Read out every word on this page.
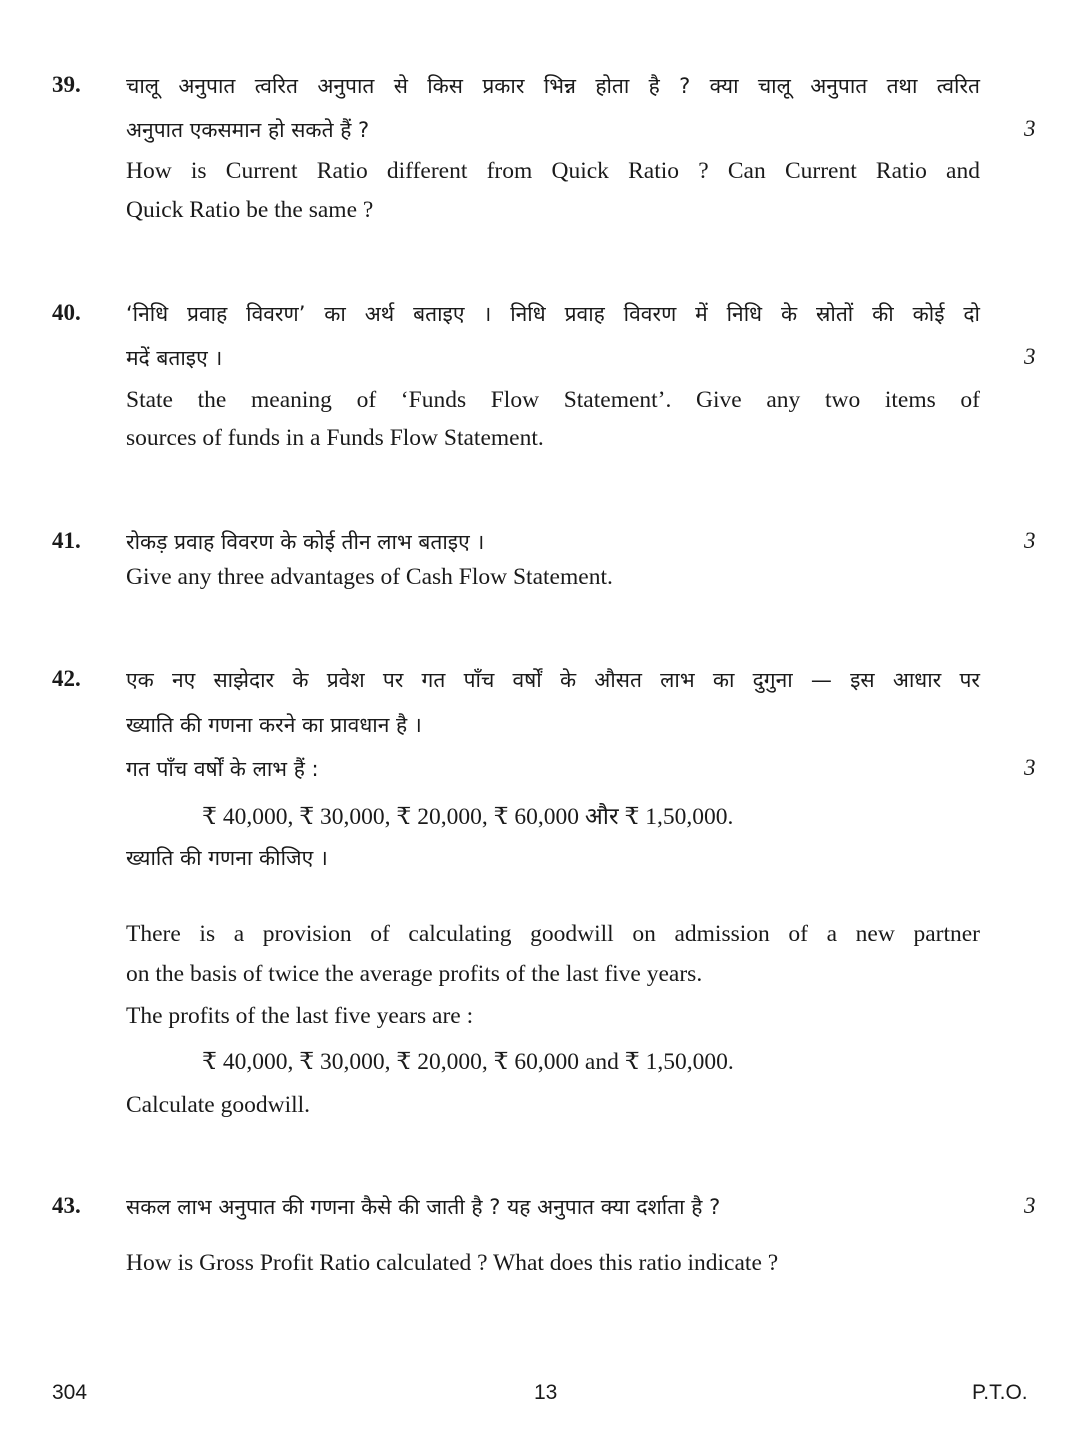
39. चालू अनुपात त्वरित अनुपात से किस प्रकार भिन्न होता है ? क्या चालू अनुपात तथा त्वरित

अनुपात एकसमान हो सकते हैं ?	3

How is Current Ratio different from Quick Ratio ? Can Current Ratio and

Quick Ratio be the same ?

40. ‘निधि प्रवाह विवरण’ का अर्थ बताइए । निधि प्रवाह विवरण में निधि के स्रोतों की कोई दो

मदें बताइए ।	3

State the meaning of ‘Funds Flow Statement’. Give any two items of

sources of funds in a Funds Flow Statement.

41. रोकड़ प्रवाह विवरण के कोई तीन लाभ बताइए ।	3

Give any three advantages of Cash Flow Statement.

42. एक नए साझेदार के प्रवेश पर गत पाँच वर्षों के औसत लाभ का दुगुना — इस आधार पर

ख्याति की गणना करने का प्रावधान है ।

गत पाँच वर्षों के लाभ हैं :	3

₹ 40,000, ₹ 30,000, ₹ 20,000, ₹ 60,000 और ₹ 1,50,000.

ख्याति की गणना कीजिए ।

There is a provision of calculating goodwill on admission of a new partner

on the basis of twice the average profits of the last five years.

The profits of the last five years are :

₹ 40,000, ₹ 30,000, ₹ 20,000, ₹ 60,000 and ₹ 1,50,000.

Calculate goodwill.

43. सकल लाभ अनुपात की गणना कैसे की जाती है ? यह अनुपात क्या दर्शाता है ?	3

How is Gross Profit Ratio calculated ? What does this ratio indicate ?

304	13	P.T.O.
